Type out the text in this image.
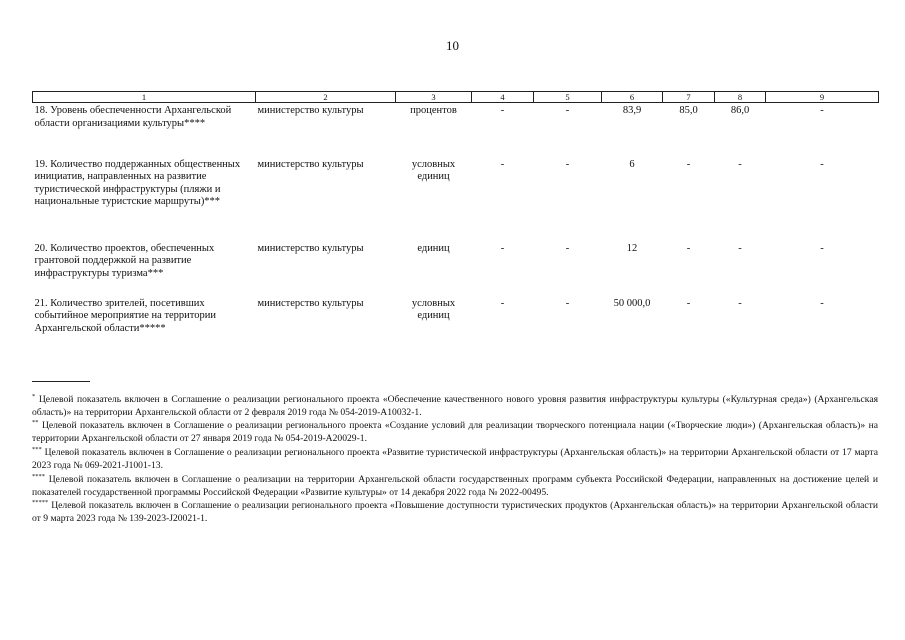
10
1	2	3	4	5	6	7	8	9
18. Уровень обеспеченности Архангельской области организациями культуры****	министерство культуры	процентов	-	-	83,9	85,0	86,0	-
19. Количество поддержанных общественных инициатив, направленных на развитие туристической инфраструктуры (пляжи и национальные туристские маршруты)***	министерство культуры	условных единиц	-	-	6	-	-	-
20. Количество проектов, обеспеченных грантовой поддержкой на развитие инфраструктуры туризма***	министерство культуры	единиц	-	-	12	-	-	-
21. Количество зрителей, посетивших событийное мероприятие на территории Архангельской области*****	министерство культуры	условных единиц	-	-	50 000,0	-	-	-
* Целевой показатель включен в Соглашение о реализации регионального проекта «Обеспечение качественного нового уровня развития инфраструктуры культуры («Культурная среда») (Архангельская область)» на территории Архангельской области от 2 февраля 2019 года № 054-2019-А10032-1.
** Целевой показатель включен в Соглашение о реализации регионального проекта «Создание условий для реализации творческого потенциала нации («Творческие люди») (Архангельская область)» на территории Архангельской области от 27 января 2019 года № 054-2019-А20029-1.
*** Целевой показатель включен в Соглашение о реализации регионального проекта «Развитие туристической инфраструктуры (Архангельская область)» на территории Архангельской области от 17 марта 2023 года № 069-2021-J1001-13.
**** Целевой показатель включен в Соглашение о реализации на территории Архангельской области государственных программ субъекта Российской Федерации, направленных на достижение целей и показателей государственной программы Российской Федерации «Развитие культуры» от 14 декабря 2022 года № 2022-00495.
***** Целевой показатель включен в Соглашение о реализации регионального проекта «Повышение доступности туристических продуктов (Архангельская область)» на территории Архангельской области от 9 марта 2023 года № 139-2023-J20021-1.
